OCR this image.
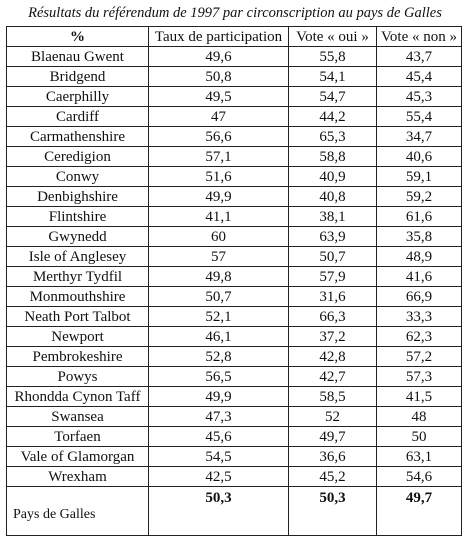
Résultats du référendum de 1997 par circonscription au pays de Galles
%	Taux de participation	Vote « oui »	Vote « non »
Blaenau Gwent	49,6	55,8	43,7
Bridgend	50,8	54,1	45,4
Caerphilly	49,5	54,7	45,3
Cardiff	47	44,2	55,4
Carmathenshire	56,6	65,3	34,7
Ceredigion	57,1	58,8	40,6
Conwy	51,6	40,9	59,1
Denbighshire	49,9	40,8	59,2
Flintshire	41,1	38,1	61,6
Gwynedd	60	63,9	35,8
Isle of Anglesey	57	50,7	48,9
Merthyr Tydfil	49,8	57,9	41,6
Monmouthshire	50,7	31,6	66,9
Neath Port Talbot	52,1	66,3	33,3
Newport	46,1	37,2	62,3
Pembrokeshire	52,8	42,8	57,2
Powys	56,5	42,7	57,3
Rhondda Cynon Taff	49,9	58,5	41,5
Swansea	47,3	52	48
Torfaen	45,6	49,7	50
Vale of Glamorgan	54,5	36,6	63,1
Wrexham	42,5	45,2	54,6
Pays de Galles	50,3	50,3	49,7
